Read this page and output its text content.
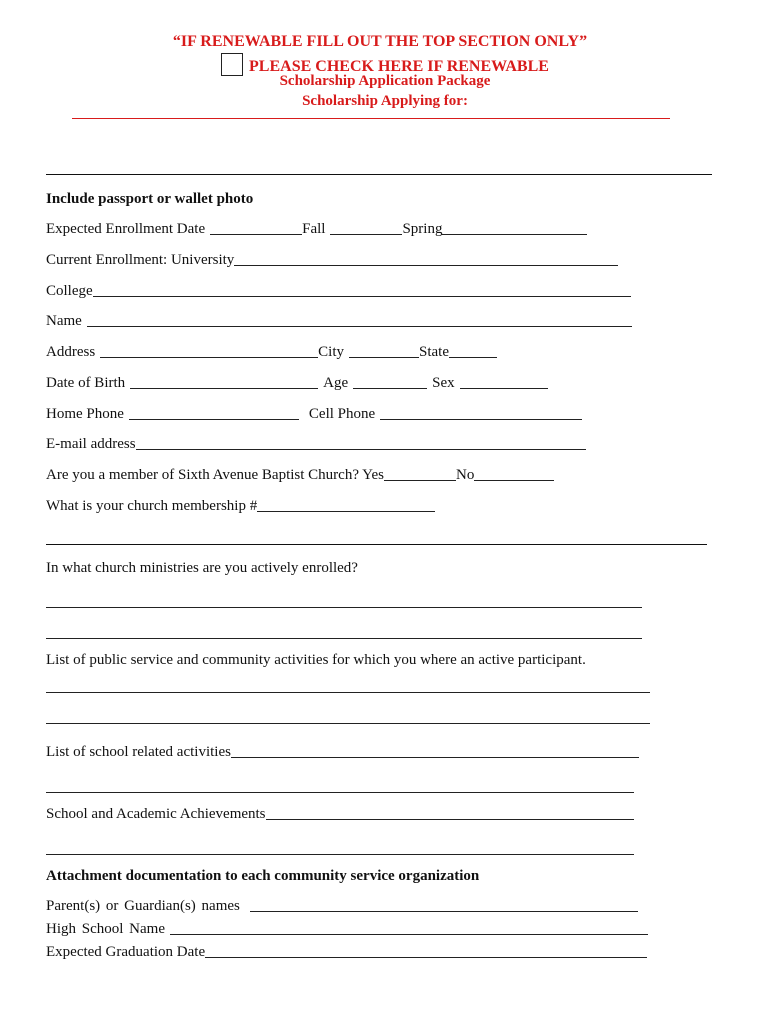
“IF RENEWABLE FILL OUT THE TOP SECTION ONLY”
PLEASE CHECK HERE IF RENEWABLE
Scholarship Application Package
Scholarship Applying for:
Include passport or wallet photo
Expected Enrollment Date	Fall	Spring
Current Enrollment: University
College
Name
Address	City	State
Date of Birth	Age	Sex
Home Phone	Cell Phone
E-mail address
Are you a member of Sixth Avenue Baptist Church? Yes	No
What is your church membership #
In what church ministries are you actively enrolled?
List of public service and community activities for which you where an active participant.
List of school related activities
School and Academic Achievements
Attachment documentation to each community service organization
Parent(s) or Guardian(s) names
High School Name
Expected Graduation Date
